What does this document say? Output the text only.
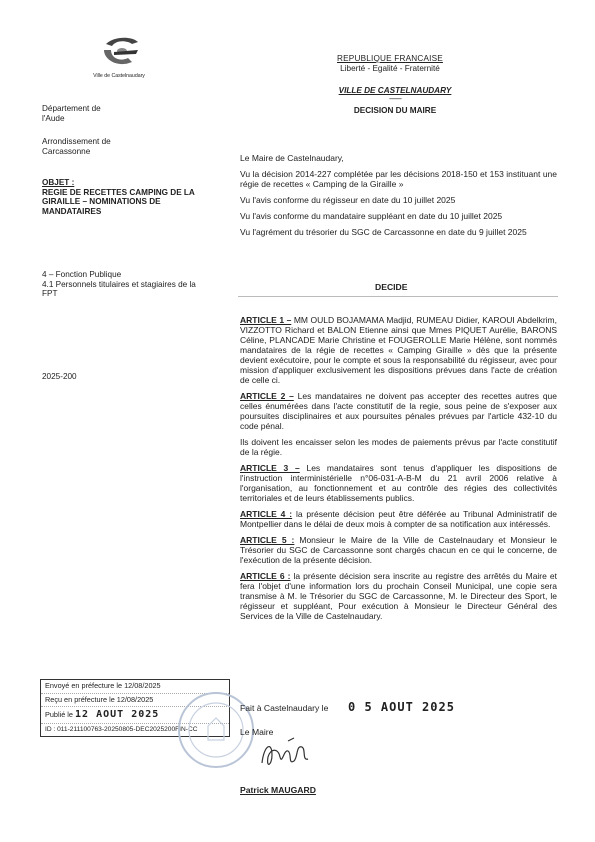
Ville de Castelnaudary
REPUBLIQUE FRANCAISE
Liberté - Egalité - Fraternité
VILLE DE CASTELNAUDARY
---------
DECISION DU MAIRE
Département de l'Aude
Arrondissement de Carcassonne
OBJET :
REGIE DE RECETTES CAMPING DE LA GIRAILLE – NOMINATIONS DE MANDATAIRES
4 – Fonction Publique
4.1 Personnels titulaires et stagiaires de la FPT
2025-200

Le Maire de Castelnaudary,

Vu la décision 2014-227 complétée par les décisions 2018-150 et 153 instituant une régie de recettes « Camping de la Giraille »

Vu l'avis conforme du régisseur en date du 10 juillet 2025

Vu l'avis conforme du mandataire suppléant en date du 10 juillet 2025

Vu l'agrément du trésorier du SGC de Carcassonne en date du 9 juillet 2025

DECIDE

ARTICLE 1 – MM OULD BOJAMAMA Madjid, RUMEAU Didier, KAROUI Abdelkrim, VIZZOTTO Richard et BALON Etienne ainsi que Mmes PIQUET Aurélie, BARONS Céline, PLANCADE Marie Christine et FOUGEROLLE Marie Hélène, sont nommés mandataires de la régie de recettes « Camping Giraille » dès que la présente devient exécutoire, pour le compte et sous la responsabilité du régisseur, avec pour mission d'appliquer exclusivement les dispositions prévues dans l'acte de création de celle ci.

ARTICLE 2 – Les mandataires ne doivent pas accepter des recettes autres que celles énumérées dans l'acte constitutif de la regie, sous peine de s'exposer aux poursuites disciplinaires et aux poursuites pénales prévues par l'article 432-10 du code pénal.

Ils doivent les encaisser selon les modes de paiements prévus par l'acte constitutif de la régie.

ARTICLE 3 – Les mandataires sont tenus d'appliquer les dispositions de l'instruction interministérielle n°06-031-A-B-M du 21 avril 2006 relative à l'organisation, au fonctionnement et au contrôle des régies des collectivités territoriales et de leurs établissements publics.

ARTICLE 4 : la présente décision peut être déférée au Tribunal Administratif de Montpellier dans le délai de deux mois à compter de sa notification aux intéressés.

ARTICLE 5 : Monsieur le Maire de la Ville de Castelnaudary et Monsieur le Trésorier du SGC de Carcassonne sont chargés chacun en ce qui le concerne, de l'exécution de la présente décision.

ARTICLE 6 : la présente décision sera inscrite au registre des arrêtés du Maire et fera l'objet d'une information lors du prochain Conseil Municipal, une copie sera transmise à M. le Trésorier du SGC de Carcassonne, M. le Directeur des Sport, le régisseur et suppléant, Pour exécution à Monsieur le Directeur Général des Services de la Ville de Castelnaudary.

Envoyé en préfecture le 12/08/2025
Reçu en préfecture le 12/08/2025
Publié le 12 AOUT 2025
ID : 011-211100763-20250805-DEC2025200FIN-CC
Fait à Castelnaudary le 0 5 AOUT 2025
Le Maire
Patrick MAUGARD
